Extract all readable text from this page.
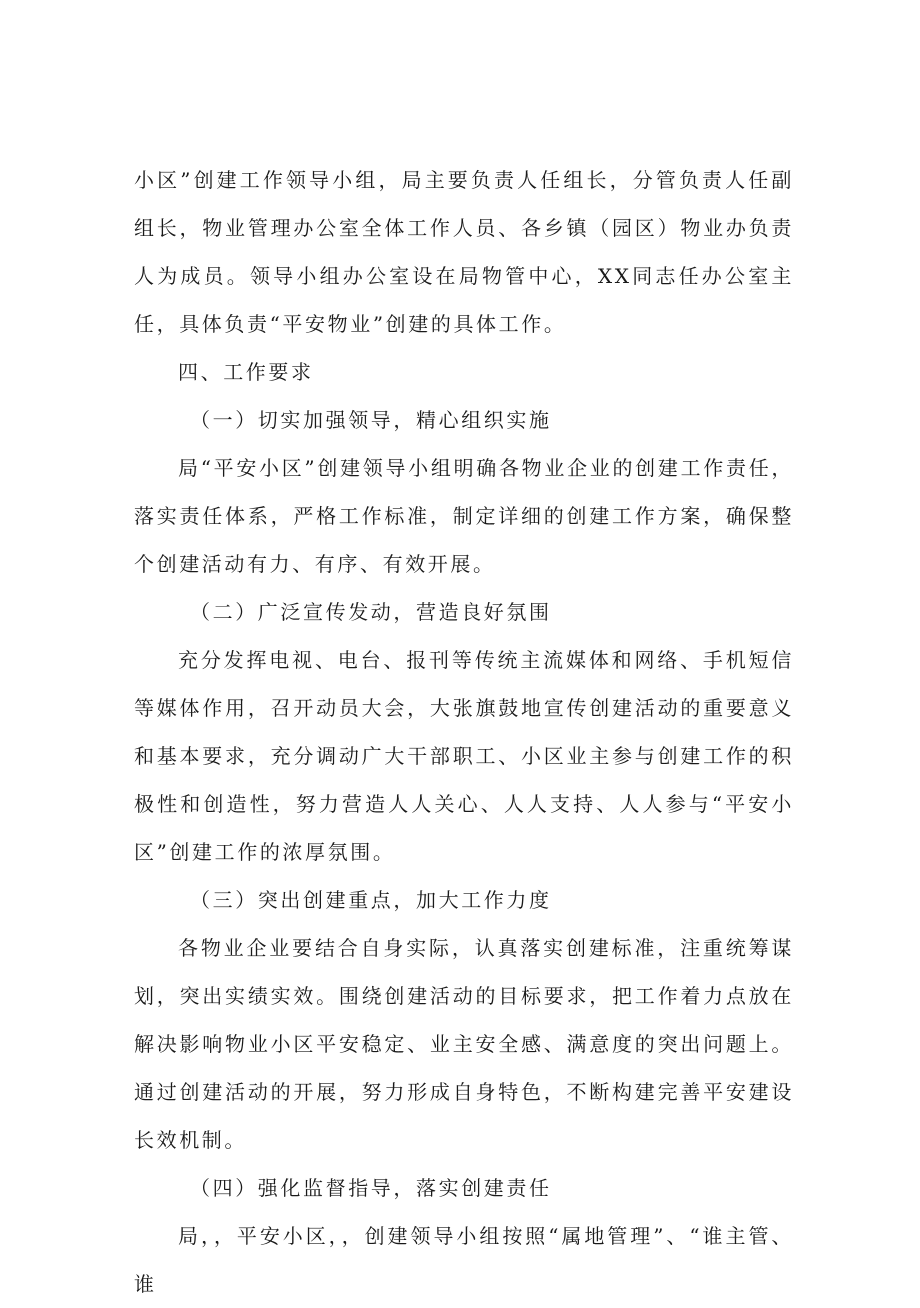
小区”创建工作领导小组，局主要负责人任组长，分管负责人任副组长，物业管理办公室全体工作人员、各乡镇（园区）物业办负责人为成员。领导小组办公室设在局物管中心，XX同志任办公室主任，具体负责“平安物业”创建的具体工作。

四、工作要求

（一）切实加强领导，精心组织实施

局“平安小区”创建领导小组明确各物业企业的创建工作责任，落实责任体系，严格工作标准，制定详细的创建工作方案，确保整个创建活动有力、有序、有效开展。

（二）广泛宣传发动，营造良好氛围

充分发挥电视、电台、报刊等传统主流媒体和网络、手机短信等媒体作用，召开动员大会，大张旗鼓地宣传创建活动的重要意义和基本要求，充分调动广大干部职工、小区业主参与创建工作的积极性和创造性，努力营造人人关心、人人支持、人人参与“平安小区”创建工作的浓厚氛围。

（三）突出创建重点，加大工作力度

各物业企业要结合自身实际，认真落实创建标准，注重统筹谋划，突出实绩实效。围绕创建活动的目标要求，把工作着力点放在解决影响物业小区平安稳定、业主安全感、满意度的突出问题上。通过创建活动的开展，努力形成自身特色，不断构建完善平安建设长效机制。

（四）强化监督指导，落实创建责任

局，，平安小区，，创建领导小组按照“属地管理”、“谁主管、谁
